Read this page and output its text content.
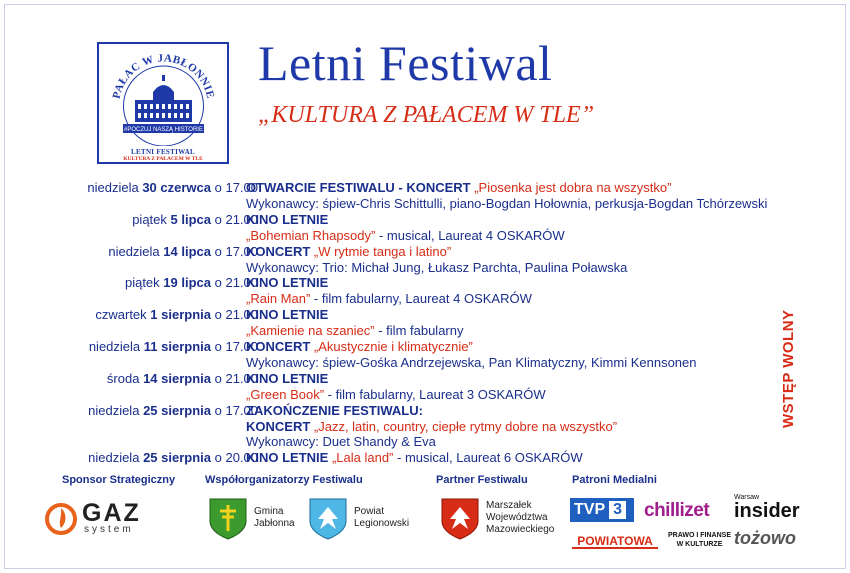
PAŁAC W JABŁONNIE
#POCZUJ NASZĄ HISTORIE
LETNI FESTIWAL
KULTURA Z PAŁACEM W TLE
Letni Festiwal
„KULTURA Z PAŁACEM W TLE”
niedziela 30 czerwca o 17.00
OTWARCIE FESTIWALU - KONCERT „Piosenka jest dobra na wszystko”
Wykonawcy: śpiew-Chris Schittulli, piano-Bogdan Hołownia, perkusja-Bogdan Tchórzewski
piątek 5 lipca o 21.00
KINO LETNIE
„Bohemian Rhapsody” - musical, Laureat 4 OSKARÓW
niedziela 14 lipca o 17.00
KONCERT „W rytmie tanga i latino”
Wykonawcy: Trio: Michał Jung, Łukasz Parchta, Paulina Poławska
piątek 19 lipca o 21.00
KINO LETNIE
„Rain Man” - film fabularny, Laureat 4 OSKARÓW
czwartek 1 sierpnia o 21.00
KINO LETNIE
„Kamienie na szaniec” - film fabularny
niedziela 11 sierpnia o 17.00
KONCERT „Akustycznie i klimatycznie”
Wykonawcy: śpiew-Gośka Andrzejewska, Pan Klimatyczny, Kimmi Kennsonen
środa 14 sierpnia o 21.00
KINO LETNIE
„Green Book” - film fabularny, Laureat 3 OSKARÓW
niedziela 25 sierpnia o 17.00
ZAKOŃCZENIE FESTIWALU:
KONCERT „Jazz, latin, country, ciepłe rytmy dobre na wszystko”
Wykonawcy: Duet Shandy & Eva
niedziela 25 sierpnia o 20.00
KINO LETNIE „Lala land” - musical, Laureat 6 OSKARÓW
WSTĘP WOLNY
Sponsor Strategiczny	Współorganizatorzy Festiwalu	Partner Festiwalu	Patroni Medialni
GAZ
system
Gmina
Jabłonna
Powiat
Legionowski
Marszałek
Województwa
Mazowieckiego
TVP 3	chillizet
Warsaw
insider
POWIATOWA	PRAWO I FINANSE
W KULTURZE tożowo
